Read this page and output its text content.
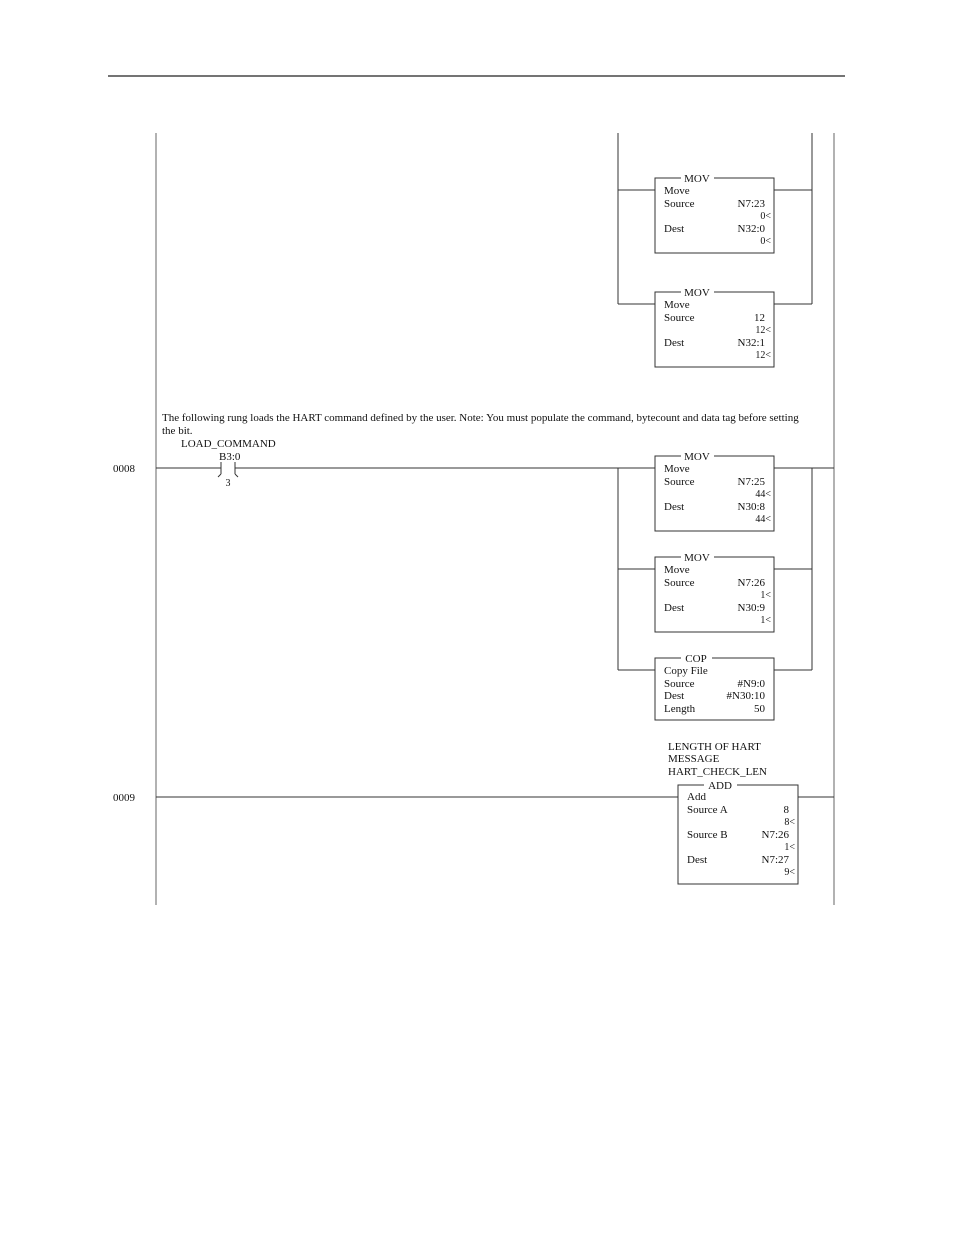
MOV
Move
Source	N7:23
0<
Dest	N32:0
0<
MOV
Move
Source	12
12<
Dest	N32:1
12<
The following rung loads the HART command defined by the user. Note: You must populate the command, bytecount and data tag before setting
the bit.
0008
LOAD_COMMAND
B3:0
3
MOV
Move
Source	N7:25
44<
Dest	N30:8
44<
MOV
Move
Source	N7:26
1<
Dest	N30:9
1<
COP
Copy File
Source	#N9:0
Dest	#N30:10
Length	50
LENGTH OF HART
MESSAGE
HART_CHECK_LEN
0009
ADD
Add
Source A	8
8<
Source B	N7:26
1<
Dest	N7:27
9<
